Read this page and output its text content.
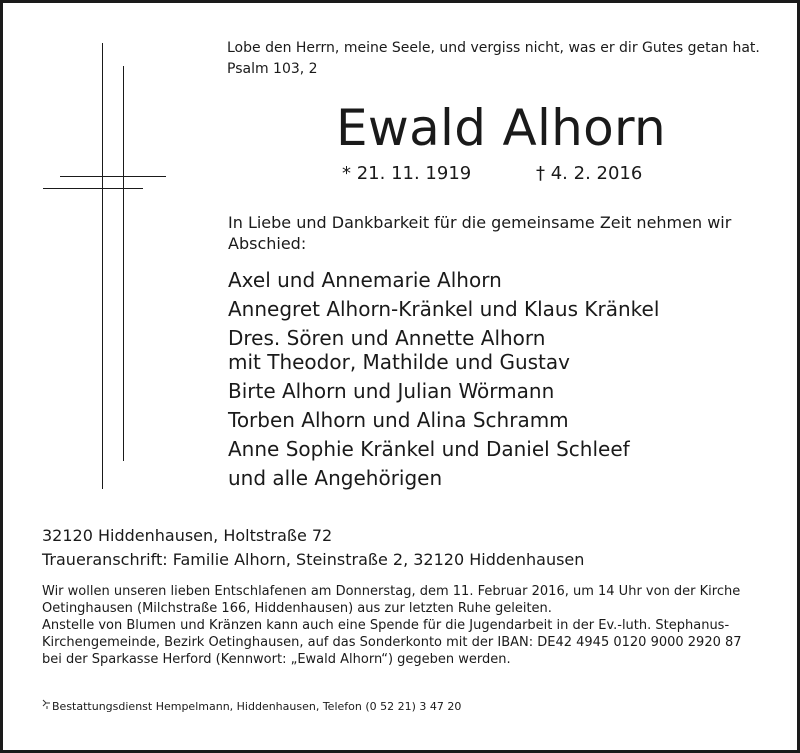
Lobe den Herrn, meine Seele, und vergiss nicht, was er dir Gutes getan hat.
Psalm 103, 2
Ewald Alhorn
* 21. 11. 1919	† 4. 2. 2016
In Liebe und Dankbarkeit für die gemeinsame Zeit nehmen wir Abschied:
Axel und Annemarie Alhorn
Annegret Alhorn-Kränkel und Klaus Kränkel
Dres. Sören und Annette Alhorn
mit Theodor, Mathilde und Gustav
Birte Alhorn und Julian Wörmann
Torben Alhorn und Alina Schramm
Anne Sophie Kränkel und Daniel Schleef
und alle Angehörigen
32120 Hiddenhausen, Holtstraße 72
Traueranschrift: Familie Alhorn, Steinstraße 2, 32120 Hiddenhausen

Wir wollen unseren lieben Entschlafenen am Donnerstag, dem 11. Februar 2016, um 14 Uhr von der Kirche Oetinghausen (Milchstraße 166, Hiddenhausen) aus zur letzten Ruhe geleiten.

Anstelle von Blumen und Kränzen kann auch eine Spende für die Jugendarbeit in der Ev.-luth. Stephanus-Kirchengemeinde, Bezirk Oetinghausen, auf das Sonderkonto mit der IBAN: DE42 4945 0120 9000 2920 87 bei der Sparkasse Herford (Kennwort: „Ewald Alhorn“) gegeben werden.

Bestattungsdienst Hempelmann, Hiddenhausen, Telefon (0 52 21) 3 47 20
